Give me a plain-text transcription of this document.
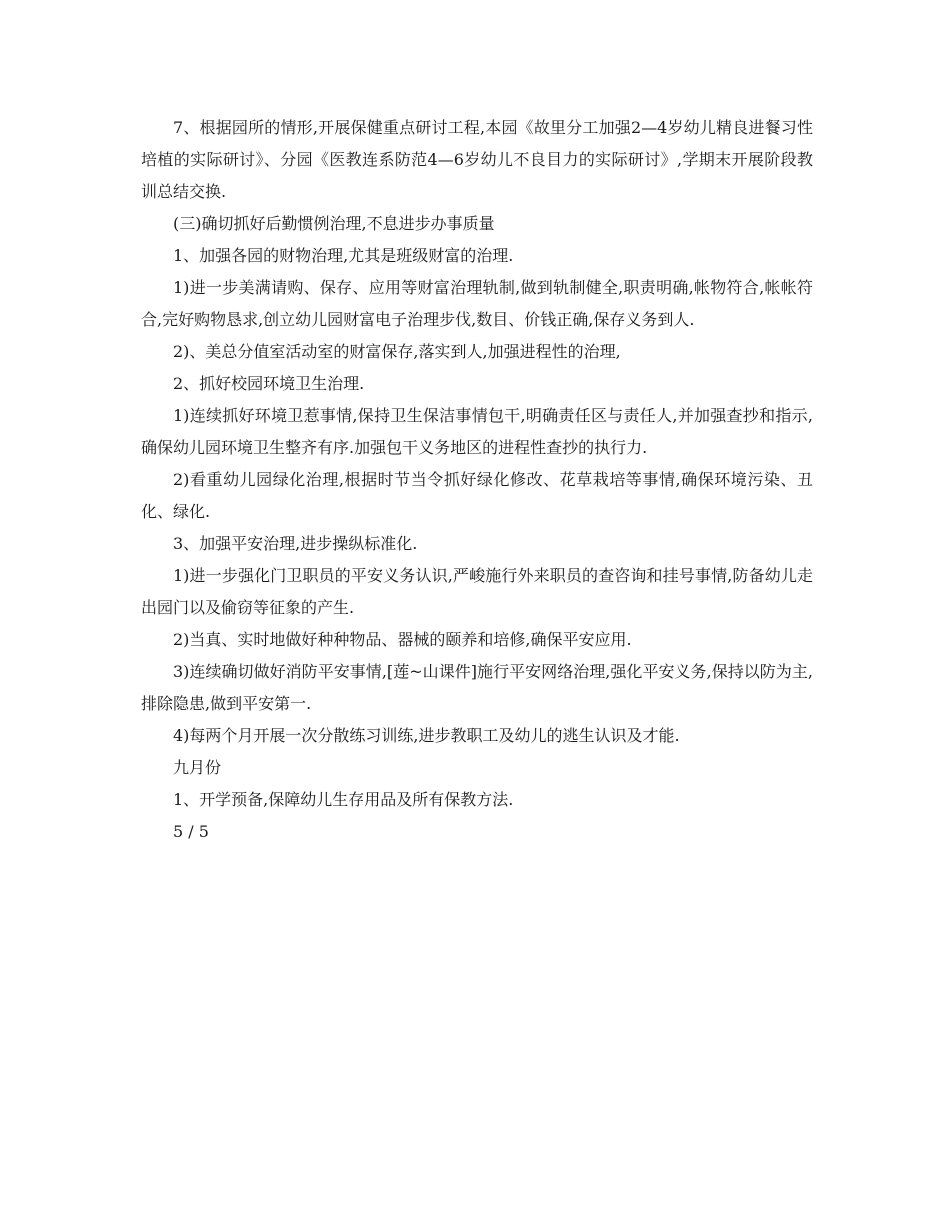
7、根据园所的情形,开展保健重点研讨工程,本园《故里分工加强2—4岁幼儿精良进餐习性培植的实际研讨》、分园《医教连系防范4—6岁幼儿不良目力的实际研讨》,学期末开展阶段教训总结交换.

(三)确切抓好后勤惯例治理,不息进步办事质量

1、加强各园的财物治理,尤其是班级财富的治理.

1)进一步美满请购、保存、应用等财富治理轨制,做到轨制健全,职责明确,帐物符合,帐帐符合,完好购物恳求,创立幼儿园财富电子治理步伐,数目、价钱正确,保存义务到人.

2)、美总分值室活动室的财富保存,落实到人,加强进程性的治理,

2、抓好校园环境卫生治理.

1)连续抓好环境卫惹事情,保持卫生保洁事情包干,明确责任区与责任人,并加强查抄和指示,确保幼儿园环境卫生整齐有序.加强包干义务地区的进程性查抄的执行力.

2)看重幼儿园绿化治理,根据时节当令抓好绿化修改、花草栽培等事情,确保环境污染、丑化、绿化.

3、加强平安治理,进步操纵标准化.

1)进一步强化门卫职员的平安义务认识,严峻施行外来职员的查咨询和挂号事情,防备幼儿走出园门以及偷窃等征象的产生.

2)当真、实时地做好种种物品、器械的颐养和培修,确保平安应用.

3)连续确切做好消防平安事情,[莲~山课件]施行平安网络治理,强化平安义务,保持以防为主,排除隐患,做到平安第一.

4)每两个月开展一次分散练习训练,进步教职工及幼儿的逃生认识及才能.

九月份

1、开学预备,保障幼儿生存用品及所有保教方法.

5 / 5
